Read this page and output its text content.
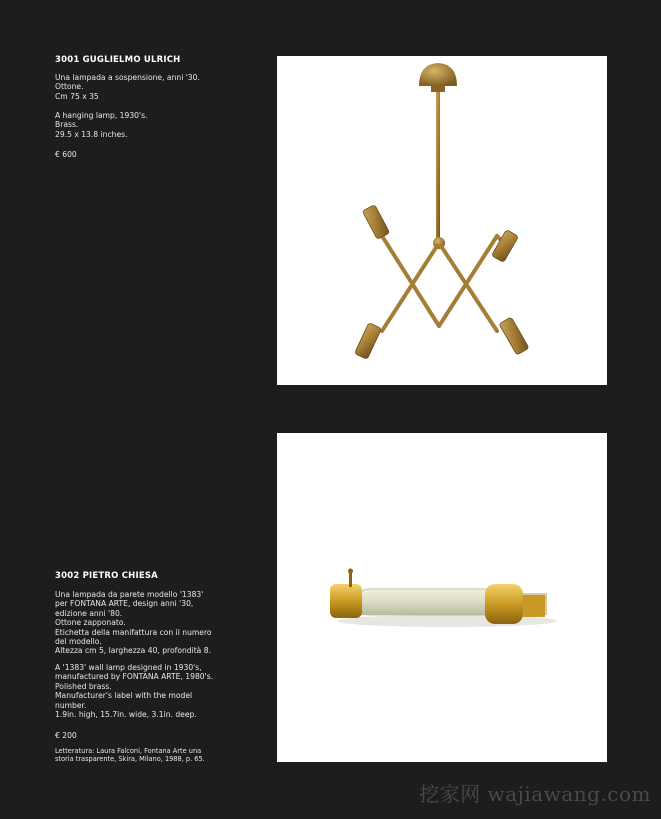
3001 GUGLIELMO ULRICH
Una lampada a sospensione, anni '30.
Ottone.
Cm 75 x 35
A hanging lamp, 1930's.
Brass.
29.5 x 13.8 inches.
€ 600
3002 PIETRO CHIESA
Una lampada da parete modello '1383'
per FONTANA ARTE, design anni '30,
edizione anni '80.
Ottone zapponato.
Etichetta della manifattura con il numero
del modello.
Altezza cm 5, larghezza 40, profondità 8.
A '1383' wall lamp designed in 1930's,
manufactured by FONTANA ARTE, 1980's.
Polished brass.
Manufacturer's label with the model
number.
1.9in. high, 15.7in. wide, 3.1in. deep.
€ 200
Letteratura: Laura Falconi, Fontana Arte una
storia trasparente, Skira, Milano, 1988, p. 65.
挖家网 wajiawang.com
